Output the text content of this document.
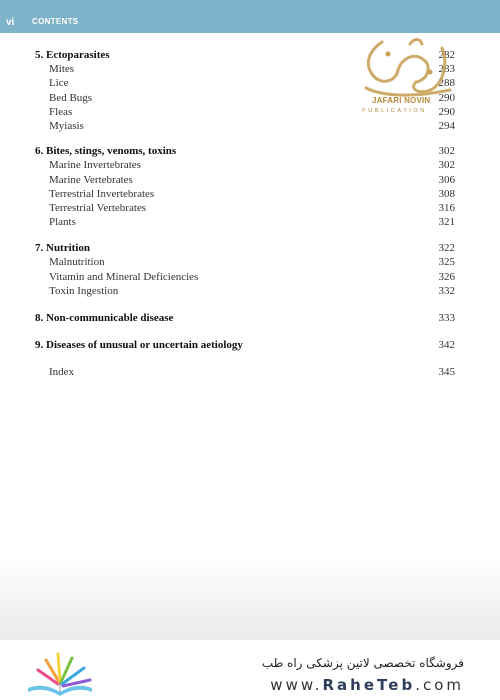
vi CONTENTS
5. Ectoparasites	282
Mites	283
Lice	288
Bed Bugs	290
Fleas	290
Myiasis	294
6. Bites, stings, venoms, toxins	302
Marine Invertebrates	302
Marine Vertebrates	306
Terrestrial Invertebrates	308
Terrestrial Vertebrates	316
Plants	321
7. Nutrition	322
Malnutrition	325
Vitamin and Mineral Deficiencies	326
Toxin Ingestion	332
8. Non-communicable disease	333
9. Diseases of unusual or uncertain aetiology	342
Index	345
JAFARI NOVIN
PUBLICATION
فروشگاه تخصصی لاتین پزشکی راه طب
www.RaheTeb.com
